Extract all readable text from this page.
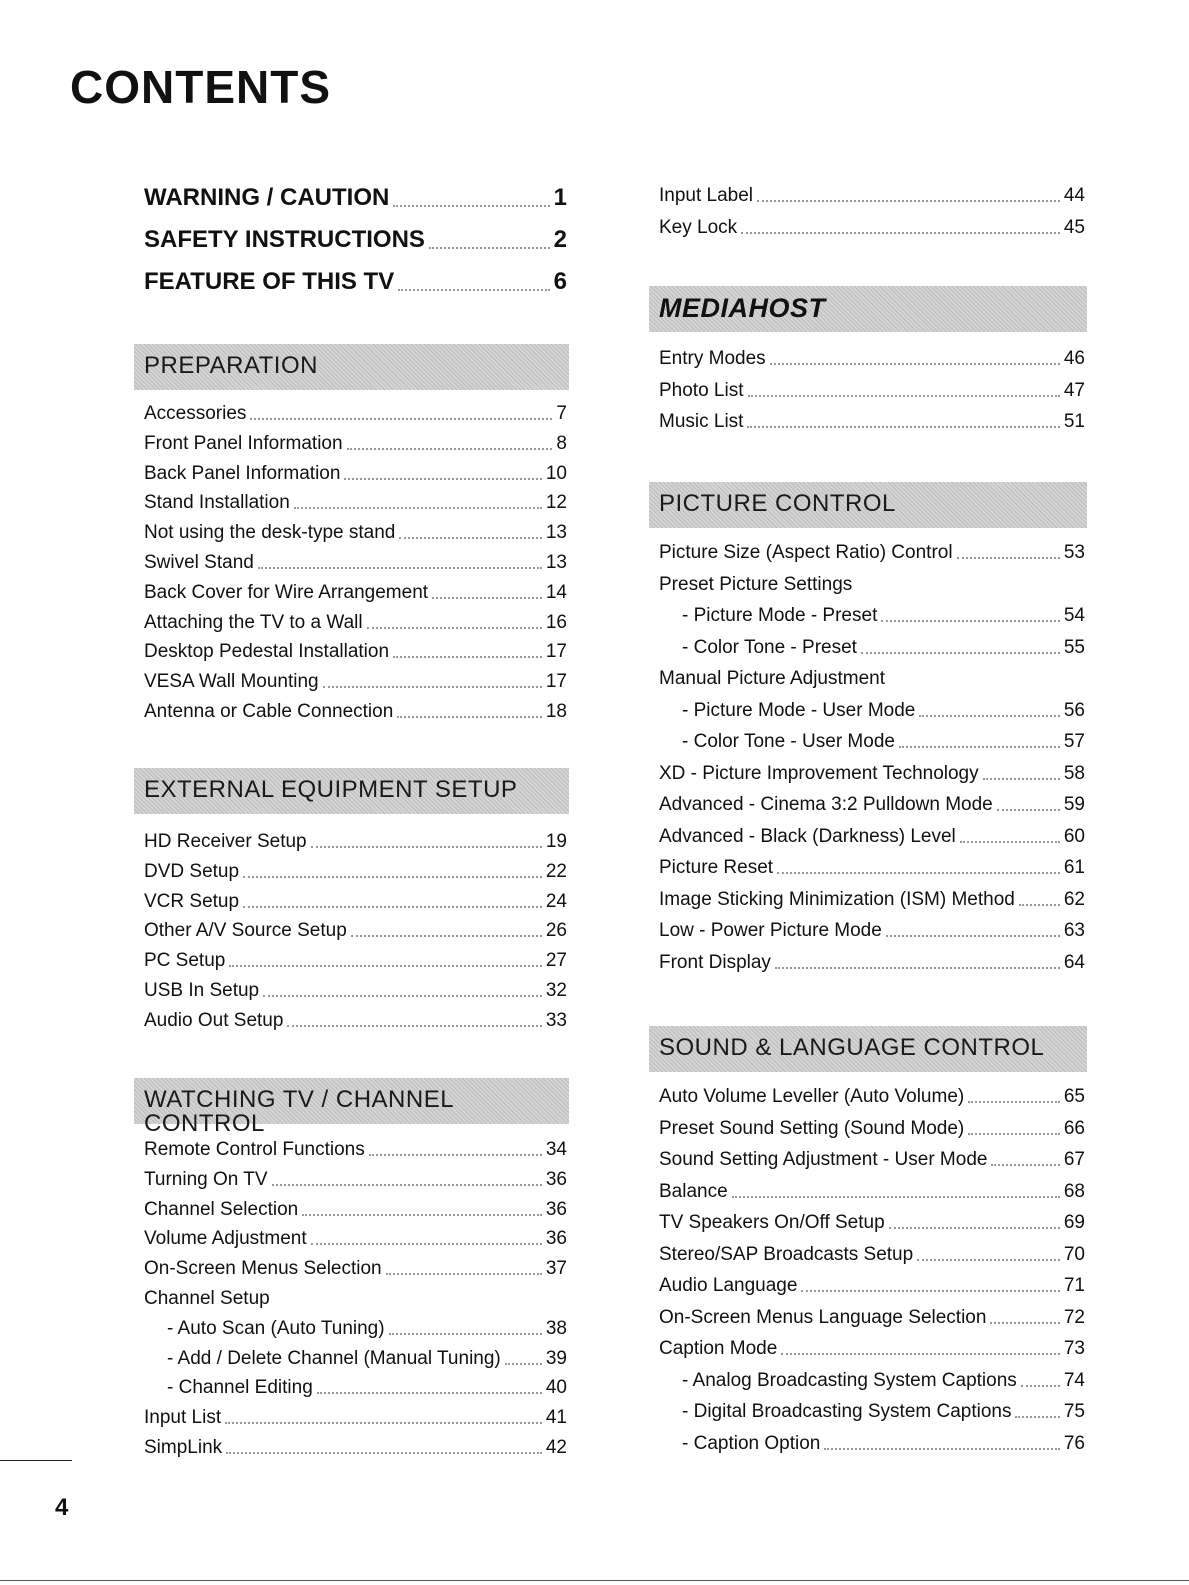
CONTENTS
WARNING / CAUTION	1
SAFETY INSTRUCTIONS	2
FEATURE OF THIS TV	6
PREPARATION
Accessories	7
Front Panel Information	8
Back Panel Information	10
Stand Installation	12
Not using the desk-type stand	13
Swivel Stand	13
Back Cover for Wire Arrangement	14
Attaching the TV to a Wall	16
Desktop Pedestal Installation	17
VESA Wall Mounting	17
Antenna or Cable Connection	18
EXTERNAL EQUIPMENT SETUP
HD Receiver Setup	19
DVD Setup	22
VCR Setup	24
Other A/V Source Setup	26
PC Setup	27
USB In Setup	32
Audio Out Setup	33
WATCHING TV / CHANNEL CONTROL
Remote Control Functions	34
Turning On TV	36
Channel Selection	36
Volume Adjustment	36
On-Screen Menus Selection	37
Channel Setup
- Auto Scan (Auto Tuning)	38
- Add / Delete Channel (Manual Tuning) 39
- Channel Editing	40
Input List	41
SimpLink	42
Input Label	44
Key Lock	45
MEDIAHOST
Entry Modes	46
Photo List	47
Music List	51
PICTURE CONTROL
Picture Size (Aspect Ratio) Control	53
Preset Picture Settings
- Picture Mode - Preset	54
- Color Tone - Preset	55
Manual Picture Adjustment
- Picture Mode - User Mode	56
- Color Tone - User Mode	57
XD - Picture Improvement Technology	58
Advanced - Cinema 3:2 Pulldown Mode	59
Advanced - Black (Darkness) Level	60
Picture Reset	61
Image Sticking Minimization (ISM) Method	62
Low - Power Picture Mode	63
Front Display	64
SOUND & LANGUAGE CONTROL
Auto Volume Leveller (Auto Volume)	65
Preset Sound Setting (Sound Mode)	66
Sound Setting Adjustment - User Mode	67
Balance	68
TV Speakers On/Off Setup	69
Stereo/SAP Broadcasts Setup	70
Audio Language	71
On-Screen Menus Language Selection	72
Caption Mode	73
- Analog Broadcasting System Captions 74
- Digital Broadcasting System Captions	75
- Caption Option	76
4
